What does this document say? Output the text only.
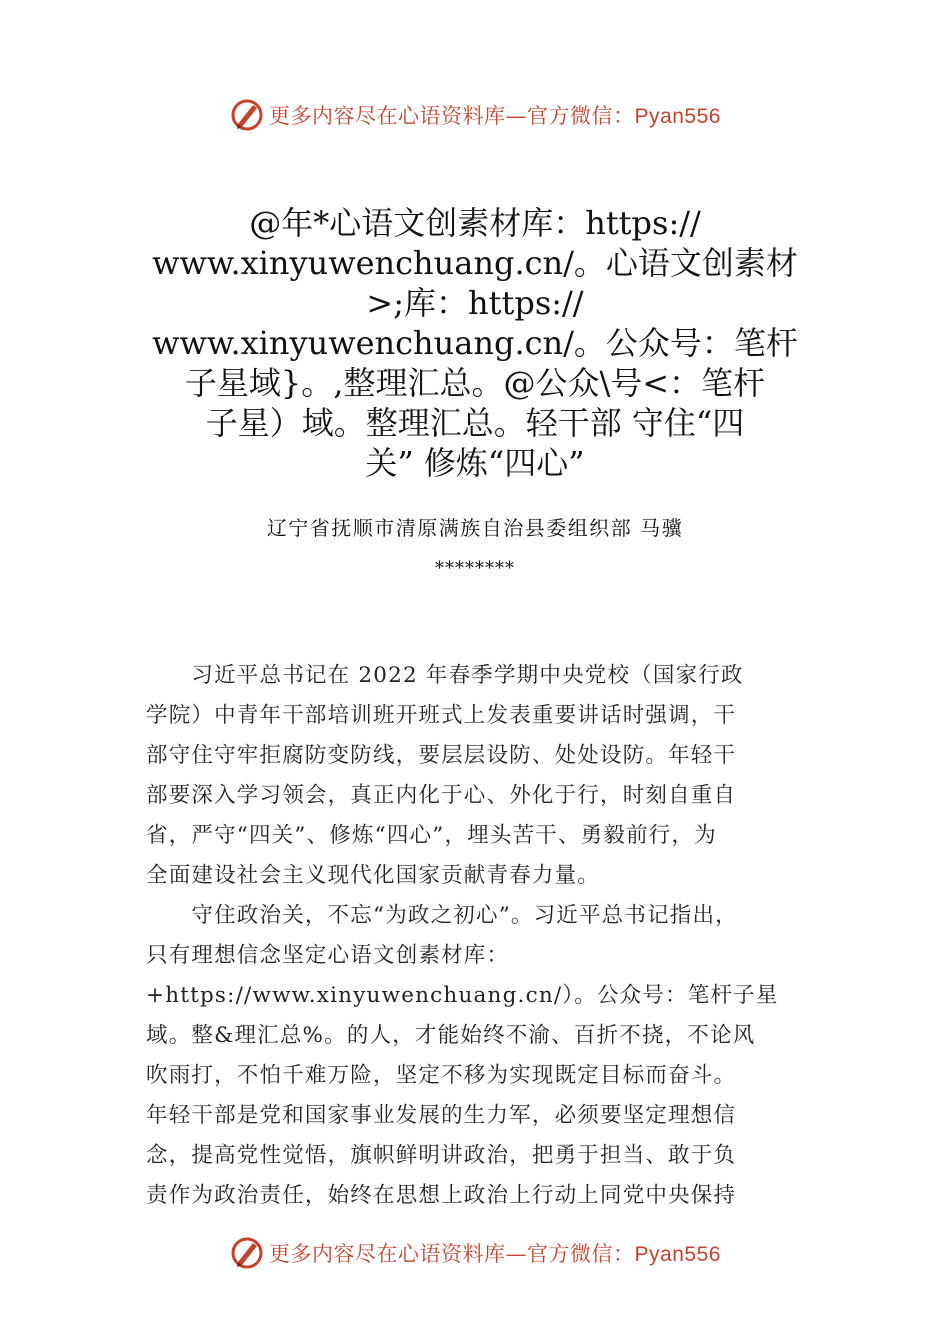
更多内容尽在心语资料库—官方微信：Pyan556
@年*心语文创素材库：https://
www.xinyuwenchuang.cn/。心语文创素材
>;库：https://
www.xinyuwenchuang.cn/。公众号：笔杆
子星域}。,整理汇总。@公众\号<：笔杆
子星）域。整理汇总。轻干部 守住“四
关” 修炼“四心”
辽宁省抚顺市清原满族自治县委组织部 马骥
********
　　习近平总书记在 2022 年春季学期中央党校（国家行政
学院）中青年干部培训班开班式上发表重要讲话时强调，干
部守住守牢拒腐防变防线，要层层设防、处处设防。年轻干
部要深入学习领会，真正内化于心、外化于行，时刻自重自
省，严守“四关”、修炼“四心”，埋头苦干、勇毅前行，为
全面建设社会主义现代化国家贡献青春力量。
　　守住政治关，不忘“为政之初心”。习近平总书记指出，
只有理想信念坚定心语文创素材库：
+https://www.xinyuwenchuang.cn/）。公众号：笔杆子星
域。整&理汇总%。的人，才能始终不渝、百折不挠，不论风
吹雨打，不怕千难万险，坚定不移为实现既定目标而奋斗。
年轻干部是党和国家事业发展的生力军，必须要坚定理想信
念，提高党性觉悟，旗帜鲜明讲政治，把勇于担当、敢于负
责作为政治责任，始终在思想上政治上行动上同党中央保持
更多内容尽在心语资料库—官方微信：Pyan556
